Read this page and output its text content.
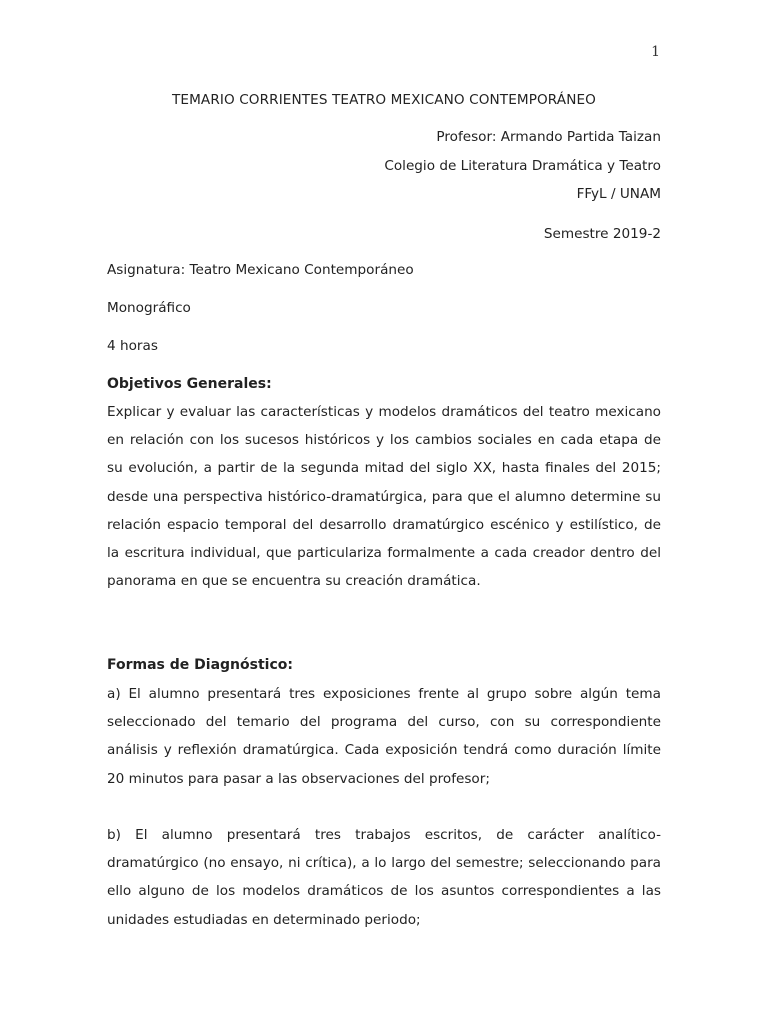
1
TEMARIO CORRIENTES TEATRO MEXICANO CONTEMPORÁNEO
Profesor: Armando Partida Taizan
Colegio de Literatura Dramática y Teatro
FFyL / UNAM
Semestre 2019-2
Asignatura: Teatro Mexicano Contemporáneo
Monográfico
4 horas
Objetivos Generales:

Explicar y evaluar las características y modelos dramáticos del teatro mexicano en relación con los sucesos históricos y los cambios sociales en cada etapa de su evolución, a partir de la segunda mitad del siglo XX, hasta finales del 2015; desde una perspectiva histórico-dramatúrgica, para que el alumno determine su relación espacio temporal del desarrollo dramatúrgico escénico y estilístico, de la escritura individual, que particulariza formalmente a cada creador dentro del panorama en que se encuentra su creación dramática.

Formas de Diagnóstico:

a) El alumno presentará tres exposiciones frente al grupo sobre algún tema seleccionado del temario del programa del curso, con su correspondiente análisis y reflexión dramatúrgica. Cada exposición tendrá como duración límite 20 minutos para pasar a las observaciones del profesor;

b) El alumno presentará tres trabajos escritos, de carácter analítico-dramatúrgico (no ensayo, ni crítica), a lo largo del semestre; seleccionando para ello alguno de los modelos dramáticos de los asuntos correspondientes a las unidades estudiadas en determinado periodo;
